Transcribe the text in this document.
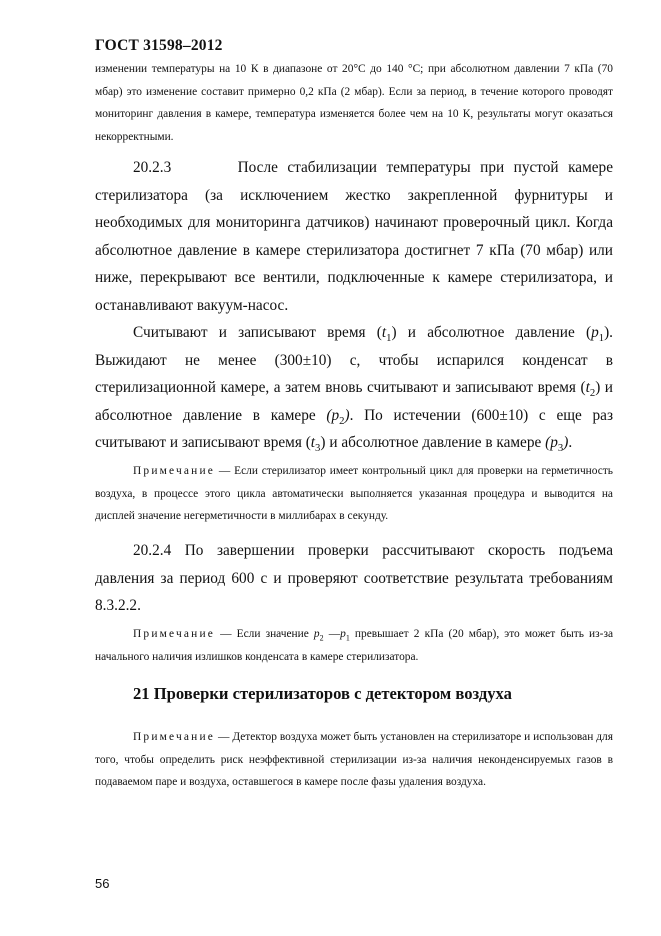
ГОСТ 31598–2012

изменении температуры на 10 К в диапазоне от 20°С до 140 °С; при абсолютном давлении 7 кПа (70 мбар) это изменение составит примерно 0,2 кПа (2 мбар). Если за период, в течение которого проводят мониторинг давления в камере, температура изменяется более чем на 10 К, результаты могут оказаться некорректными.

20.2.3	После стабилизации температуры при пустой камере стерилизатора (за исключением жестко закрепленной фурнитуры и необходимых для мониторинга датчиков) начинают проверочный цикл. Когда абсолютное давление в камере стерилизатора достигнет 7 кПа (70 мбар) или ниже, перекрывают все вентили, подключенные к камере стерилизатора, и останавливают вакуум-насос.

Считывают и записывают время $(t_1)$ и абсолютное давление $(p_1)$. Выжидают не менее (300±10) с, чтобы испарился конденсат в стерилизационной камере, а затем вновь считывают и записывают время $(t_2)$ и абсолютное давление в камере $(p_2)$. По истечении (600±10) с еще раз считывают и записывают время $(t_3)$ и абсолютное давление в камере $(p_3)$.

Примечание — Если стерилизатор имеет контрольный цикл для проверки на герметичность воздуха, в процессе этого цикла автоматически выполняется указанная процедура и выводится на дисплей значение негерметичности в миллибарах в секунду.

20.2.4 По завершении проверки рассчитывают скорость подъема давления за период 600 с и проверяют соответствие результата требованиям 8.3.2.2.

Примечание — Если значение $p_2$ $—p_1$ превышает 2 кПа (20 мбар), это может быть из-за начального наличия излишков конденсата в камере стерилизатора.

21 Проверки стерилизаторов с детектором воздуха

Примечание — Детектор воздуха может быть установлен на стерилизаторе и использован для того, чтобы определить риск неэффективной стерилизации из-за наличия неконденсируемых газов в подаваемом паре и воздуха, оставшегося в камере после фазы удаления воздуха.

56
